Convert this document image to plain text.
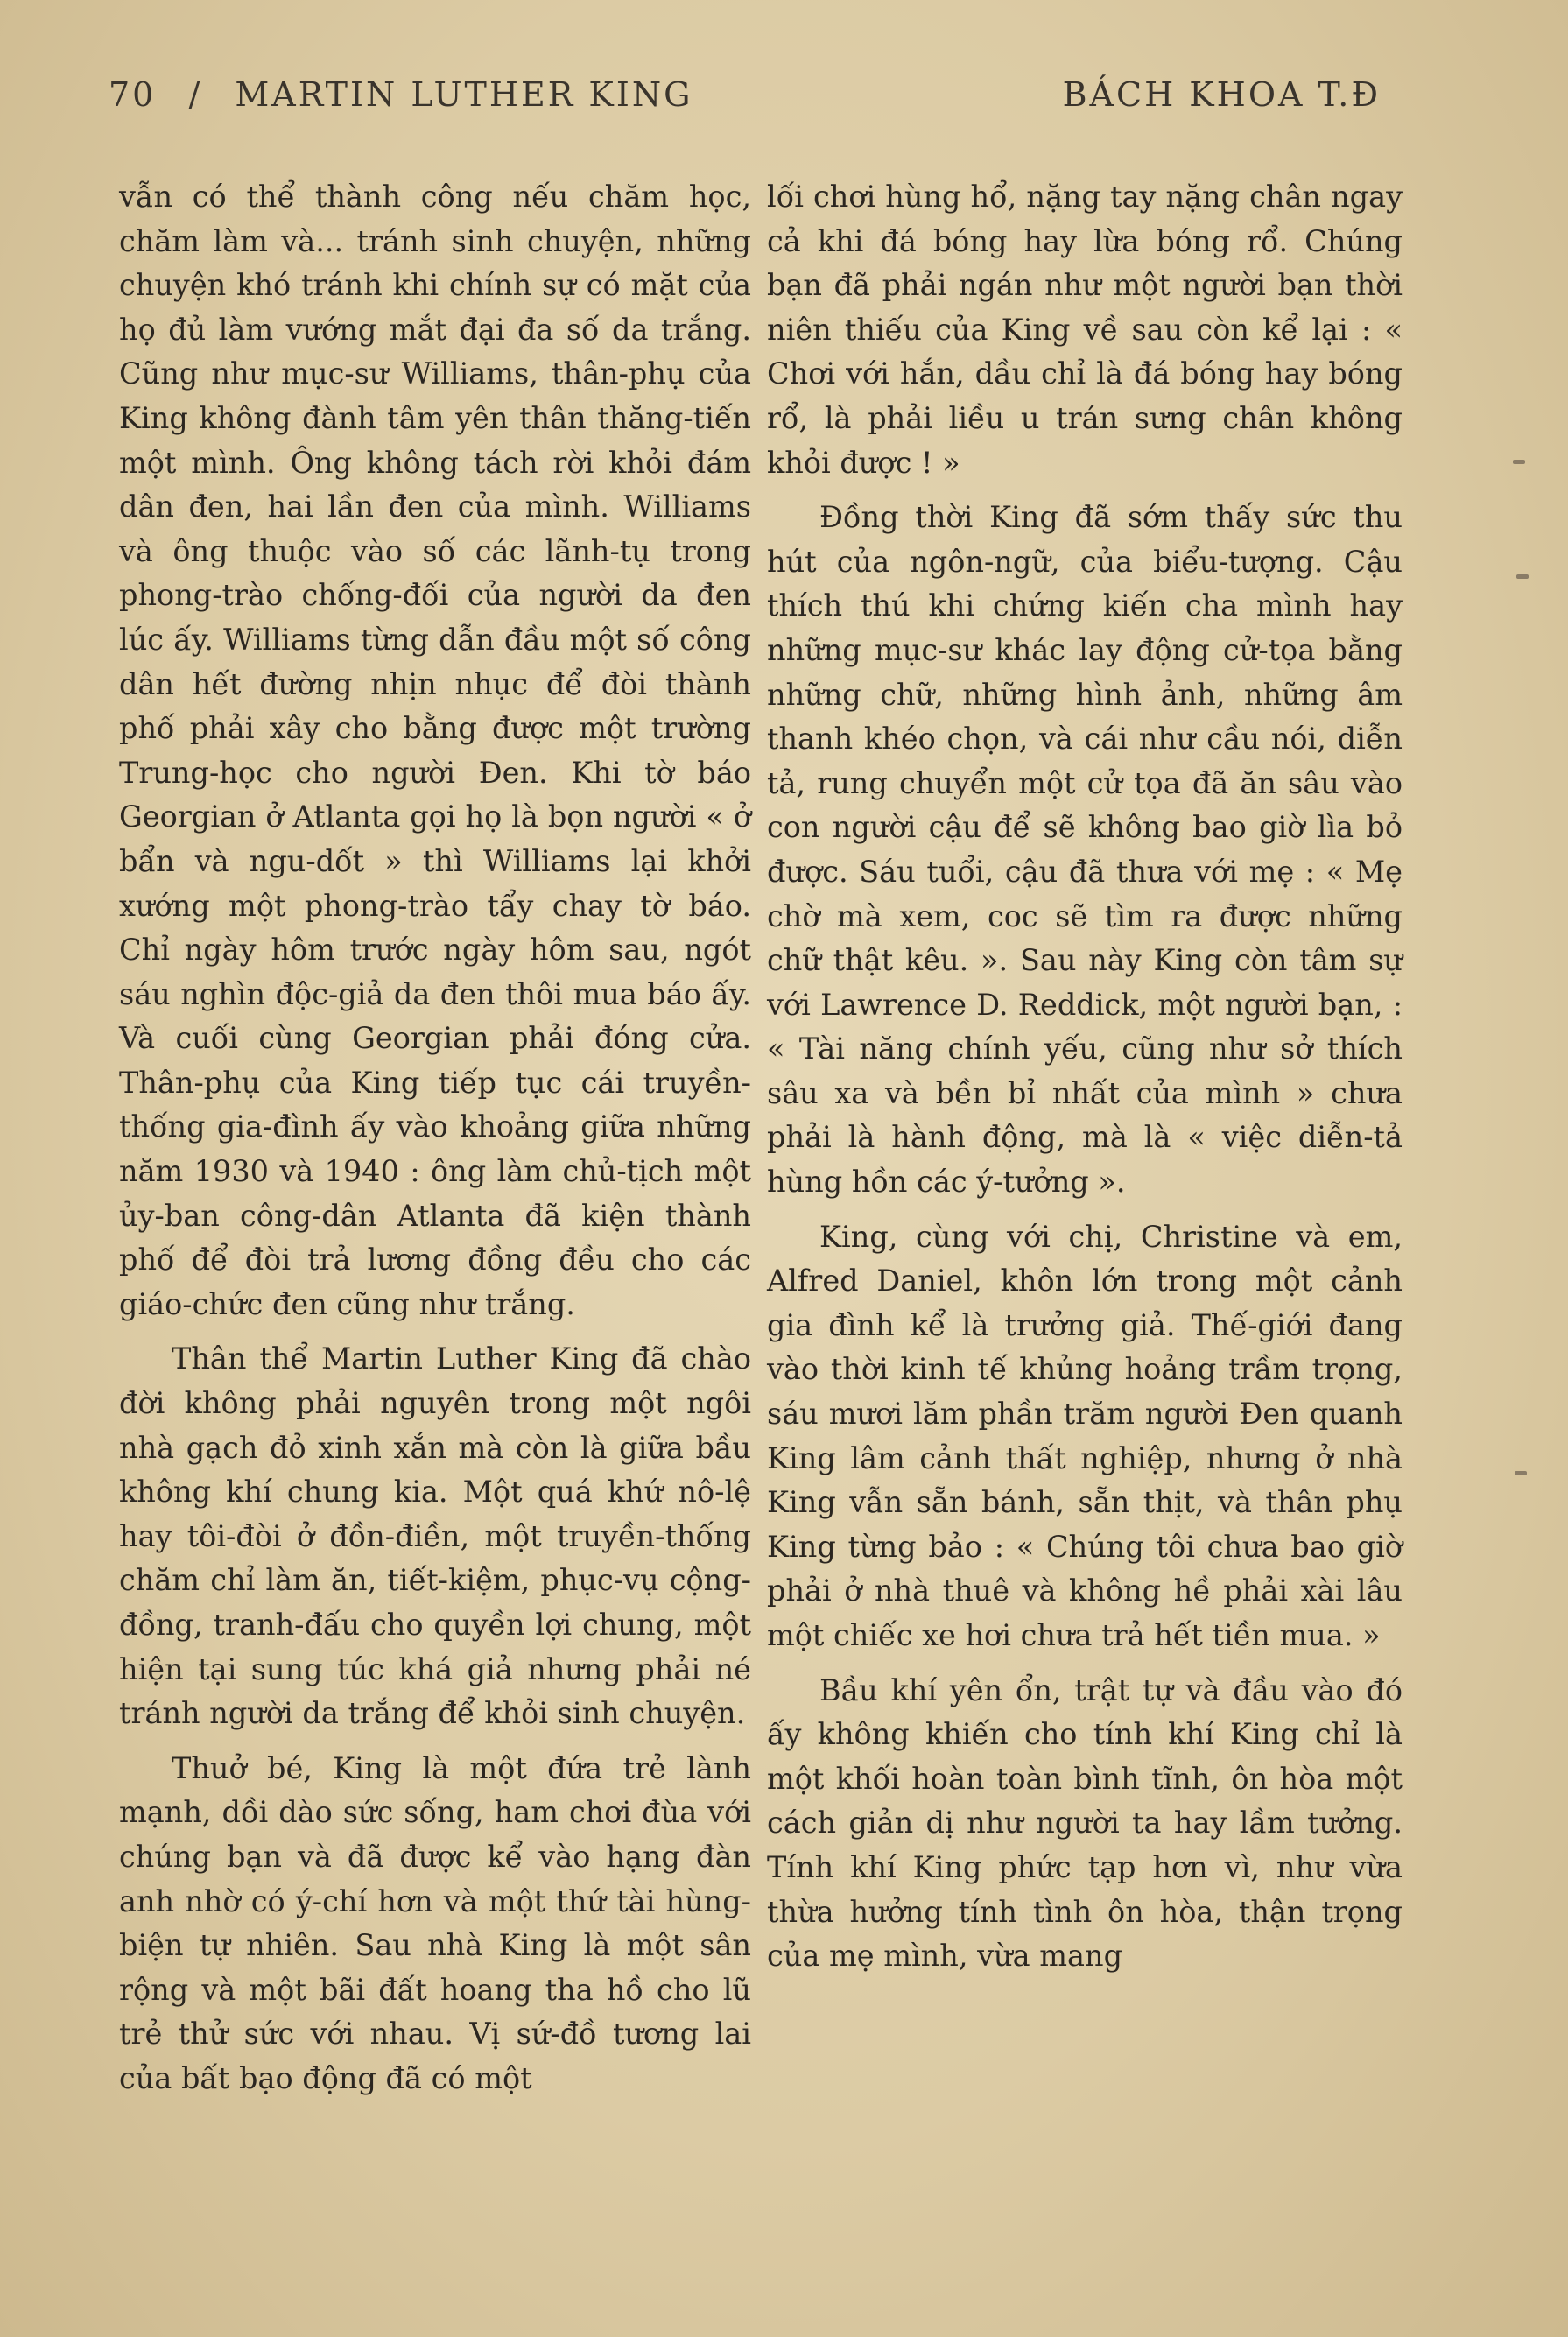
70 / MARTIN LUTHER KING	BÁCH KHOA T.Đ

vẫn có thể thành công nếu chăm học, chăm làm và... tránh sinh chuyện, những chuyện khó tránh khi chính sự có mặt của họ đủ làm vướng mắt đại đa số da trắng. Cũng như mục-sư Williams, thân-phụ của King không đành tâm yên thân thăng-tiến một mình. Ông không tách rời khỏi đám dân đen, hai lần đen của mình. Williams và ông thuộc vào số các lãnh-tụ trong phong-trào chống-đối của người da đen lúc ấy. Williams từng dẫn đầu một số công dân hết đường nhịn nhục để đòi thành phố phải xây cho bằng được một trường Trung-học cho người Đen. Khi tờ báo Georgian ở Atlanta gọi họ là bọn người « ở bẩn và ngu-dốt » thì Williams lại khởi xướng một phong-trào tẩy chay tờ báo. Chỉ ngày hôm trước ngày hôm sau, ngót sáu nghìn độc-giả da đen thôi mua báo ấy. Và cuối cùng Georgian phải đóng cửa. Thân-phụ của King tiếp tục cái truyền-thống gia-đình ấy vào khoảng giữa những năm 1930 và 1940 : ông làm chủ-tịch một ủy-ban công-dân Atlanta đã kiện thành phố để đòi trả lương đồng đều cho các giáo-chức đen cũng như trắng.

Thân thể Martin Luther King đã chào đời không phải nguyên trong một ngôi nhà gạch đỏ xinh xắn mà còn là giữa bầu không khí chung kia. Một quá khứ nô-lệ hay tôi-đòi ở đồn-điền, một truyền-thống chăm chỉ làm ăn, tiết-kiệm, phục-vụ cộng-đồng, tranh-đấu cho quyền lợi chung, một hiện tại sung túc khá giả nhưng phải né tránh người da trắng để khỏi sinh chuyện.

Thuở bé, King là một đứa trẻ lành mạnh, dồi dào sức sống, ham chơi đùa với chúng bạn và đã được kể vào hạng đàn anh nhờ có ý-chí hơn và một thứ tài hùng-biện tự nhiên. Sau nhà King là một sân rộng và một bãi đất hoang tha hồ cho lũ trẻ thử sức với nhau. Vị sứ-đồ tương lai của bất bạo động đã có một

lối chơi hùng hổ, nặng tay nặng chân ngay cả khi đá bóng hay lừa bóng rổ. Chúng bạn đã phải ngán như một người bạn thời niên thiếu của King về sau còn kể lại : « Chơi với hắn, dầu chỉ là đá bóng hay bóng rổ, là phải liều u trán sưng chân không khỏi được ! »

Đồng thời King đã sớm thấy sức thu hút của ngôn-ngữ, của biểu-tượng. Cậu thích thú khi chứng kiến cha mình hay những mục-sư khác lay động cử-tọa bằng những chữ, những hình ảnh, những âm thanh khéo chọn, và cái như cầu nói, diễn tả, rung chuyển một cử tọa đã ăn sâu vào con người cậu để sẽ không bao giờ lìa bỏ được. Sáu tuổi, cậu đã thưa với mẹ : « Mẹ chờ mà xem, coc sẽ tìm ra được những chữ thật kêu. ». Sau này King còn tâm sự với Lawrence D. Reddick, một người bạn, : « Tài năng chính yếu, cũng như sở thích sâu xa và bền bỉ nhất của mình » chưa phải là hành động, mà là « việc diễn-tả hùng hồn các ý-tưởng ».

King, cùng với chị, Christine và em, Alfred Daniel, khôn lớn trong một cảnh gia đình kể là trưởng giả. Thế-giới đang vào thời kinh tế khủng hoảng trầm trọng, sáu mươi lăm phần trăm người Đen quanh King lâm cảnh thất nghiệp, nhưng ở nhà King vẫn sẵn bánh, sẵn thịt, và thân phụ King từng bảo : « Chúng tôi chưa bao giờ phải ở nhà thuê và không hề phải xài lâu một chiếc xe hơi chưa trả hết tiền mua. »

Bầu khí yên ổn, trật tự và đầu vào đó ấy không khiến cho tính khí King chỉ là một khối hoàn toàn bình tĩnh, ôn hòa một cách giản dị như người ta hay lầm tưởng. Tính khí King phức tạp hơn vì, như vừa thừa hưởng tính tình ôn hòa, thận trọng của mẹ mình, vừa mang
